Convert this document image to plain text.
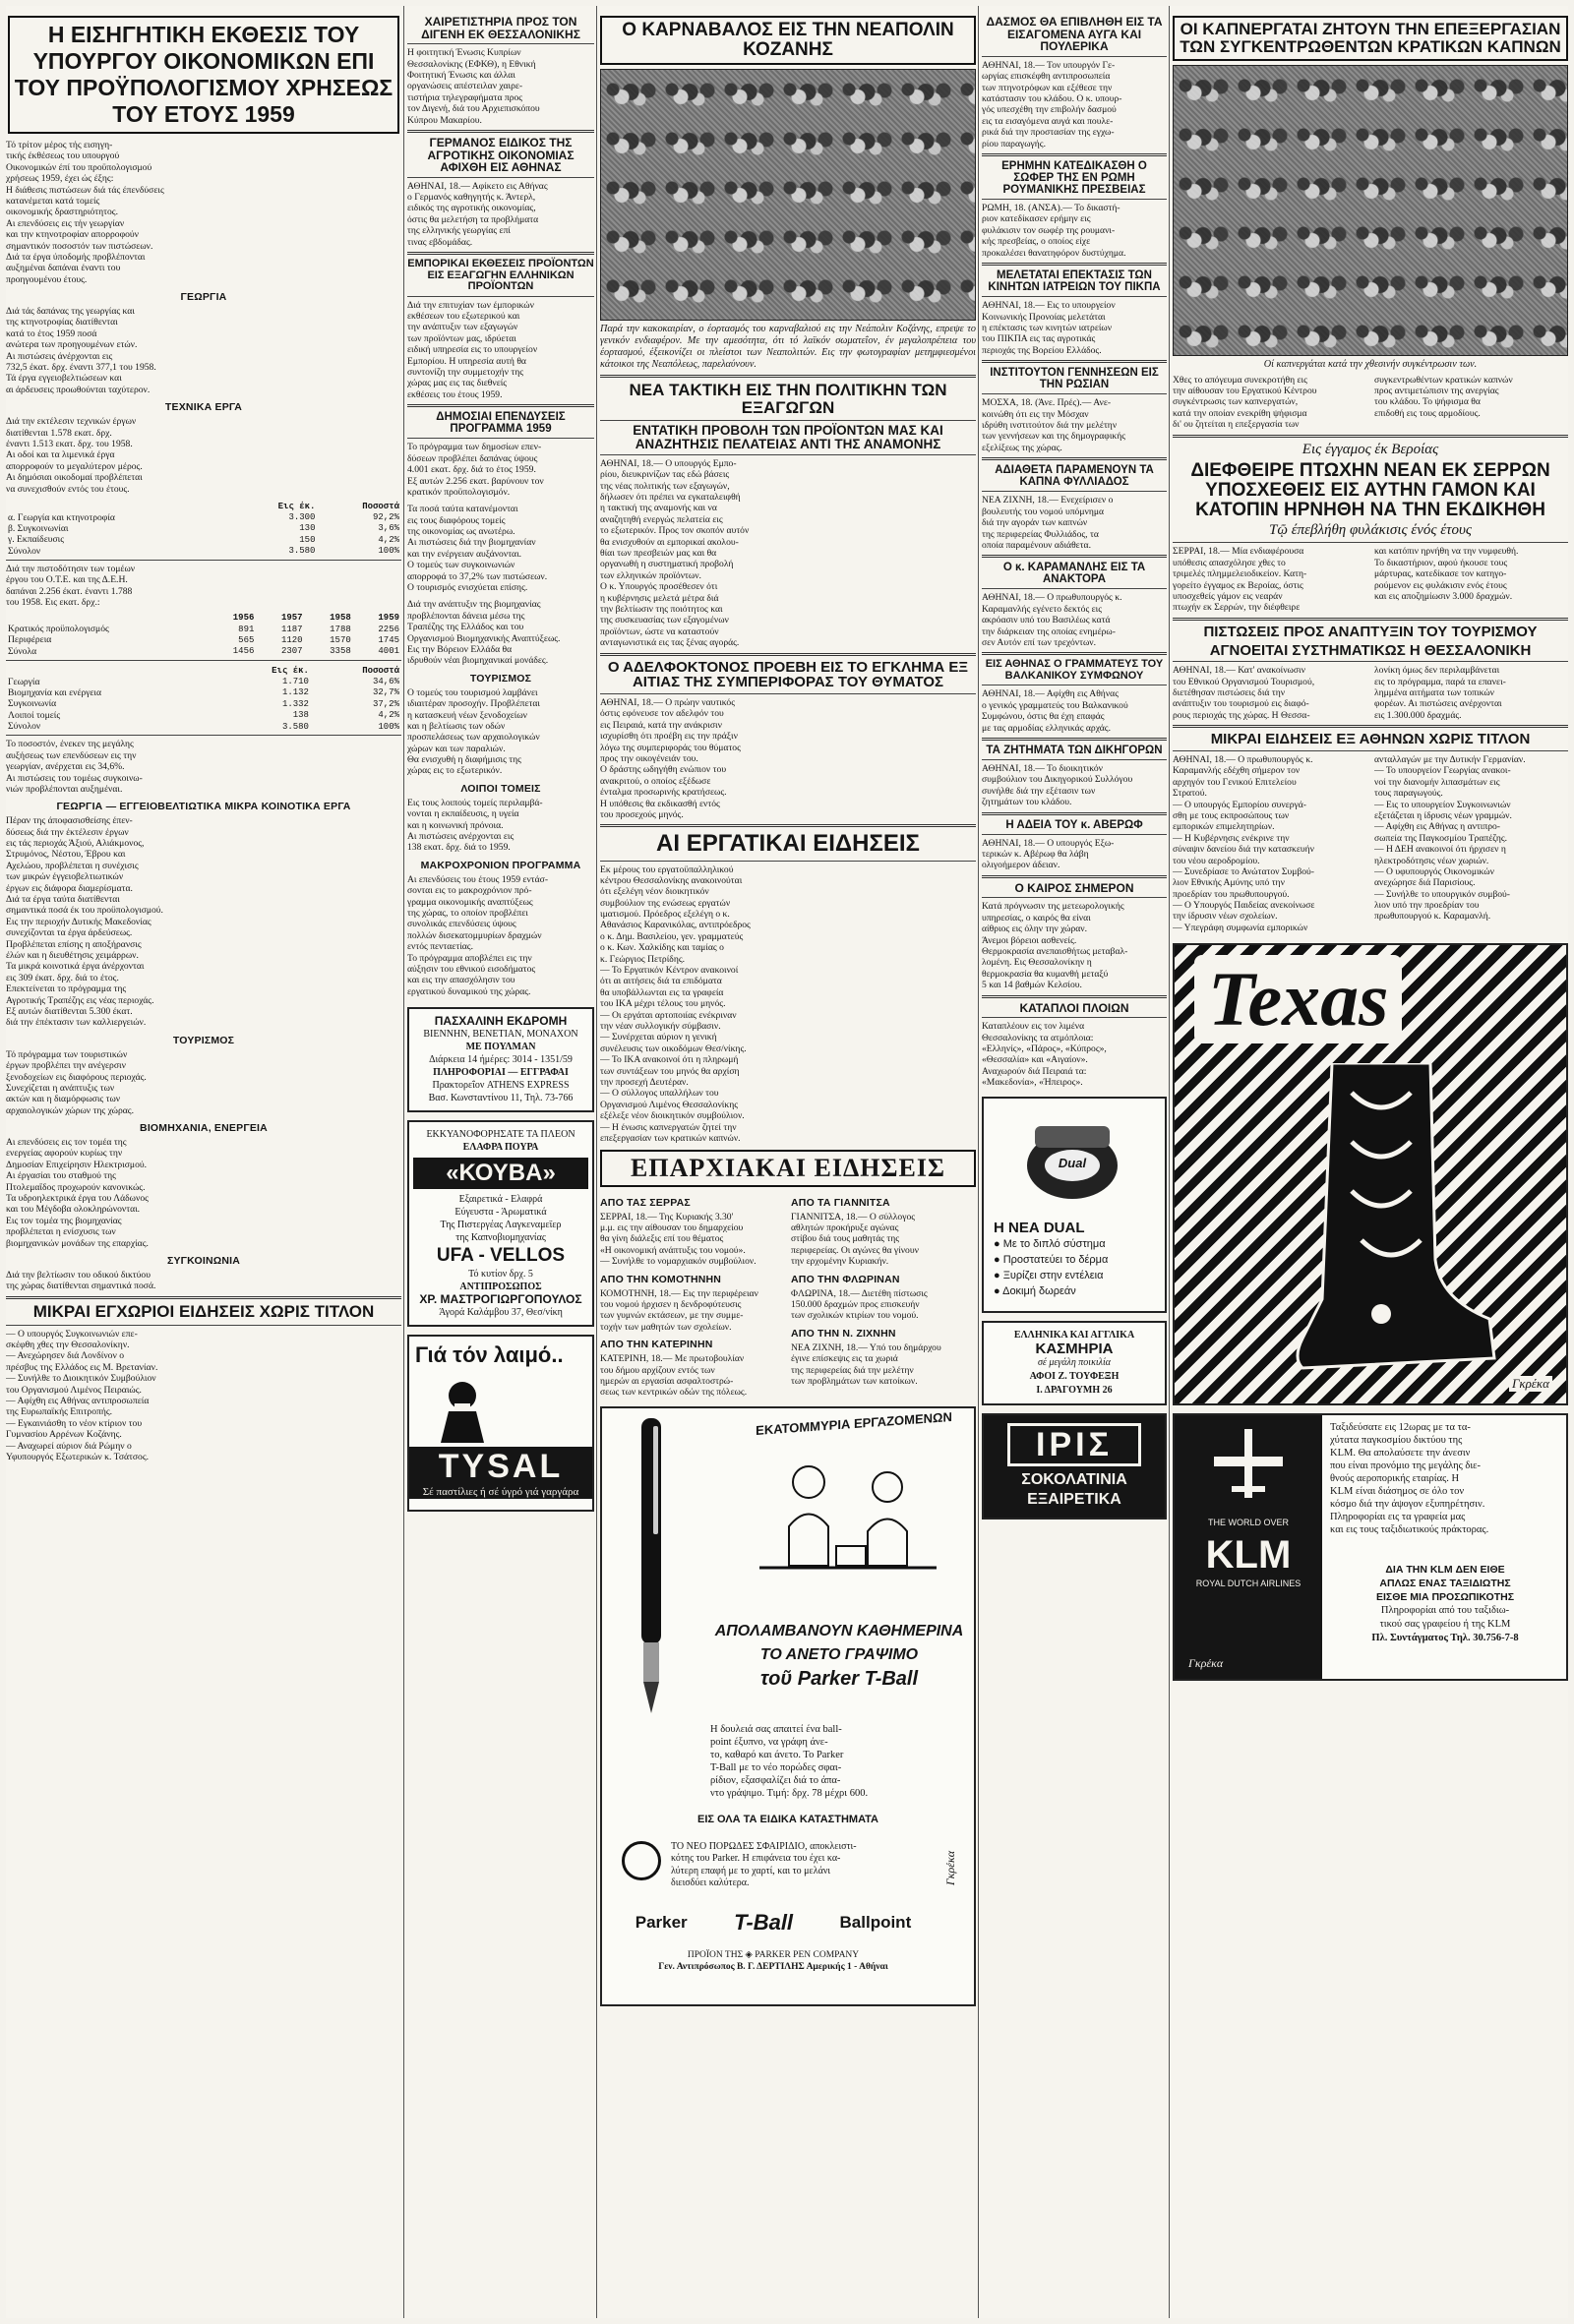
Η ΕΙΣΗΓΗΤΙΚΗ ΕΚΘΕΣΙΣ ΤΟΥ ΥΠΟΥΡΓΟΥ ΟΙΚΟΝΟΜΙΚΩΝ ΕΠΙ ΤΟΥ ΠΡΟΫΠΟΛΟΓΙΣΜΟΥ ΧΡΗΣΕΩΣ ΤΟΥ ΕΤΟΥΣ 1959
Τό τρίτον μέρος τής εισηγη-
τικής έκθέσεως του υπουργού
Οικονομικών έπί του προϋπολογισμού
χρήσεως 1959, έχει ώς έξης:
Η διάθεσις πιστώσεων διά τάς έπενδύσεις
κατανέμεται κατά τομείς
οικονομικής δραστηριότητος.
Αι επενδύσεις εις τήν γεωργίαν
και την κτηνοτροφίαν απορροφούν
σημαντικόν ποσοστόν των πιστώσεων.
Διά τα έργα ύποδομής προβλέπονται
αυξημέναι δαπάναι έναντι του
προηγουμένου έτους.
ΓΕΩΡΓΙΑ
Διά τάς δαπάνας της γεωργίας και
της κτηνοτροφίας διατίθενται
κατά το έτος 1959 ποσά
ανώτερα των προηγουμένων ετών.
Αι πιστώσεις άνέρχονται εις
732,5 έκατ. δρχ. έναντι 377,1 του 1958.
Τά έργα εγγειοβελτιώσεων και
αι άρδευσεις προωθούνται ταχύτερον.
ΤΕΧΝΙΚΑ ΕΡΓΑ
Διά την εκτέλεσιν τεχνικών έργων
διατίθενται 1.578 εκατ. δρχ.
έναντι 1.513 εκατ. δρχ. του 1958.
Αι οδοί και τα λιμενικά έργα
απορροφούν το μεγαλύτερον μέρος.
Αι δημόσιαι οικοδομαί προβλέπεται
να συνεχισθούν εντός του έτους.
	Εις έκ.	Ποσοστά
α. Γεωργία και κτηνοτροφία	3.300	92,2%
β. Συγκοινωνίαι	130	3,6%
γ. Εκπαίδευσις	150	4,2%
Σύνολον	3.580	100%
Διά την πιστοδότησιν των τομέων
έργου του Ο.Τ.Ε. και της Δ.Ε.Η.
δαπάναι 2.256 έκατ. έναντι 1.788
του 1958. Εις εκατ. δρχ.:
	1956	1957	1958	1959
Κρατικός προϋπολογισμός	891	1187	1788	2256
Περιφέρεια	565	1120	1570	1745
Σύνολα	1456	2307	3358	4001
	Εις έκ.	Ποσοστά
Γεωργία	1.710	34,6%
Βιομηχανία και ενέργεια	1.132	32,7%
Συγκοινωνία	1.332	37,2%
Λοιποί τομείς	138	4,2%
Σύνολον	3.580	100%
Το ποσοστόν, ένεκεν της μεγάλης
αυξήσεως των επενδύσεων εις την
γεωργίαν, ανέρχεται εις 34,6%.
Αι πιστώσεις του τομέως συγκοινω-
νιών προβλέπονται αυξημέναι.
ΓΕΩΡΓΙΑ — ΕΓΓΕΙΟΒΕΛΤΙΩΤΙΚΑ ΜΙΚΡΑ ΚΟΙΝΟΤΙΚΑ ΕΡΓΑ
Πέραν της άποφασισθείσης έπεν-
δύσεως διά την έκτέλεσιν έργων
εις τάς περιοχάς Άξιού, Αλιάκμονος,
Στρυμόνος, Νέστου, Έβρου και
Αχελώου, προβλέπεται η συνέχισις
των μικρών έγγειοβελτιωτικών
έργων εις διάφορα διαμερίσματα.
Διά τα έργα ταύτα διατίθενται
σημαντικά ποσά έκ του προϋπολογισμού.
Εις την περιοχήν Δυτικής Μακεδονίας
συνεχίζονται τα έργα άρδεύσεως.
Προβλέπεται επίσης η αποξήρανσις
έλών και η διευθέτησις χειμάρρων.
Τα μικρά κοινοτικά έργα άνέρχονται
εις 309 έκατ. δρχ. διά το έτος.
Επεκτείνεται το πρόγραμμα της
Αγροτικής Τραπέζης εις νέας περιοχάς.
Εξ αυτών διατίθενται 5.300 έκατ.
διά την έπέκτασιν των καλλιεργειών.
ΤΟΥΡΙΣΜΟΣ
Τό πρόγραμμα των τουριστικών
έργων προβλέπει την ανέγερσιν
ξενοδοχείων εις διαφόρους περιοχάς.
Συνεχίζεται η ανάπτυξις των
ακτών και η διαμόρφωσις των
αρχαιολογικών χώρων της χώρας.
ΒΙΟΜΗΧΑΝΙΑ, ΕΝΕΡΓΕΙΑ
Αι επενδύσεις εις τον τομέα της
ενεργείας αφορούν κυρίως την
Δημοσίαν Επιχείρησιν Ηλεκτρισμού.
Αι έργασίαι του σταθμού της
Πτολεμαΐδος προχωρούν κανονικώς.
Τα υδροηλεκτρικά έργα του Λάδωνος
και του Μέγδοβα ολοκληρώνονται.
Εις τον τομέα της βιομηχανίας
προβλέπεται η ενίσχυσις των
βιομηχανικών μονάδων της επαρχίας.
ΣΥΓΚΟΙΝΩΝΙΑ
Διά την βελτίωσιν του οδικού δικτύου
της χώρας διατίθενται σημαντικά ποσά.
ΜΙΚΡΑΙ ΕΓΧΩΡΙΟΙ ΕΙΔΗΣΕΙΣ ΧΩΡΙΣ ΤΙΤΛΟΝ
— Ο υπουργός Συγκοινωνιών επε-
σκέφθη χθες την Θεσσαλονίκην.
— Ανεχώρησεν διά Λονδίνον ο
πρέσβυς της Ελλάδος εις Μ. Βρετανίαν.
— Συνήλθε το Διοικητικόν Συμβούλιον
του Οργανισμού Λιμένος Πειραιώς.
— Αφίχθη εις Αθήνας αντιπροσωπεία
της Ευρωπαϊκής Επιτροπής.
— Εγκαινιάσθη το νέον κτίριον του
Γυμνασίου Αρρένων Κοζάνης.
— Αναχωρεί αύριον διά Ρώμην ο
Υφυπουργός Εξωτερικών κ. Τσάτσος.
ΧΑΙΡΕΤΙΣΤΗΡΙΑ ΠΡΟΣ ΤΟΝ ΔΙΓΕΝΗ ΕΚ ΘΕΣΣΑΛΟΝΙΚΗΣ
Η φοιτητική Ένωσις Κυπρίων
Θεσσαλονίκης (ΕΦΚΘ), η Εθνική
Φοιτητική Ένωσις και άλλαι
οργανώσεις απέστειλαν χαιρε-
τιστήρια τηλεγραφήματα προς
τον Διγενή, διά του Αρχιεπισκόπου
Κύπρου Μακαρίου.
ΓΕΡΜΑΝΟΣ ΕΙΔΙΚΟΣ ΤΗΣ ΑΓΡΟΤΙΚΗΣ ΟΙΚΟΝΟΜΙΑΣ ΑΦΙΧΘΗ ΕΙΣ ΑΘΗΝΑΣ
ΑΘΗΝΑΙ, 18.— Αφίκετο εις Αθήνας
ο Γερμανός καθηγητής κ. Άντερλ,
ειδικός της αγροτικής οικονομίας,
όστις θα μελετήση τα προβλήματα
της ελληνικής γεωργίας επί
τινας εβδομάδας.
ΕΜΠΟΡΙΚΑΙ ΕΚΘΕΣΕΙΣ ΠΡΟΪΟΝΤΩΝ ΕΙΣ ΕΞΑΓΩΓΗΝ ΕΛΛΗΝΙΚΩΝ ΠΡΟΪΟΝΤΩΝ
Διά την επιτυχίαν των έμπορικών
εκθέσεων του εξωτερικού και
την ανάπτυξιν των εξαγωγών
των προϊόντων μας, ιδρύεται
ειδική υπηρεσία εις το υπουργείον
Εμπορίου. Η υπηρεσία αυτή θα
συντονίζη την συμμετοχήν της
χώρας μας εις τας διεθνείς
εκθέσεις του έτους 1959.
ΔΗΜΟΣΙΑΙ ΕΠΕΝΔΥΣΕΙΣ ΠΡΟΓΡΑΜΜΑ 1959
Το πρόγραμμα των δημοσίων επεν-
δύσεων προβλέπει δαπάνας ύψους
4.001 εκατ. δρχ. διά το έτος 1959.
Εξ αυτών 2.256 εκατ. βαρύνουν τον
κρατικόν προϋπολογισμόν.
Τα ποσά ταύτα κατανέμονται
εις τους διαφόρους τομείς
της οικονομίας ως ανωτέρω.
Αι πιστώσεις διά την βιομηχανίαν
και την ενέργειαν αυξάνονται.
Ο τομεύς των συγκοινωνιών
απορροφά το 37,2% των πιστώσεων.
Ο τουρισμός ενισχύεται επίσης.
Διά την ανάπτυξιν της βιομηχανίας
προβλέπονται δάνεια μέσω της
Τραπέζης της Ελλάδος και του
Οργανισμού Βιομηχανικής Αναπτύξεως.
Εις την Βόρειον Ελλάδα θα
ιδρυθούν νέαι βιομηχανικαί μονάδες.
ΤΟΥΡΙΣΜΟΣ
Ο τομεύς του τουρισμού λαμβάνει
ιδιαιτέραν προσοχήν. Προβλέπεται
η κατασκευή νέων ξενοδοχείων
και η βελτίωσις των οδών
προσπελάσεως των αρχαιολογικών
χώρων και των παραλιών.
Θα ενισχυθή η διαφήμισις της
χώρας εις το εξωτερικόν.
ΛΟΙΠΟΙ ΤΟΜΕΙΣ
Εις τους λοιπούς τομείς περιλαμβά-
νονται η εκπαίδευσις, η υγεία
και η κοινωνική πρόνοια.
Αι πιστώσεις ανέρχονται εις
138 εκατ. δρχ. διά το 1959.
ΜΑΚΡΟΧΡΟΝΙΟΝ ΠΡΟΓΡΑΜΜΑ
Αι επενδύσεις του έτους 1959 εντάσ-
σονται εις το μακροχρόνιον πρό-
γραμμα οικονομικής αναπτύξεως
της χώρας, το οποίον προβλέπει
συνολικάς επενδύσεις ύψους
πολλών δισεκατομμυρίων δραχμών
εντός πενταετίας.
Το πρόγραμμα αποβλέπει εις την
αύξησιν του εθνικού εισοδήματος
και εις την απασχόλησιν του
εργατικού δυναμικού της χώρας.
ΠΑΣΧΑΛΙΝΗ ΕΚΔΡΟΜΗ
ΒΙΕΝΝΗΝ, ΒΕΝΕΤΙΑΝ, ΜΟΝΑΧΟΝ
ΜΕ ΠΟΥΛΜΑΝ
Διάρκεια 14 ήμέρες: 3014 - 1351/59
ΠΛΗΡΟΦΟΡΙΑΙ — ΕΓΓΡΑΦΑΙ
Πρακτορεΐον ATHENS EXPRESS
Βασ. Κωνσταντίνου 11, Τηλ. 73-766
ΕΚΚΥΑΝΟΦΟΡΗΣΑΤΕ ΤΑ ΠΛΕΟΝ
ΕΛΑΦΡΑ ΠΟΥΡΑ
«ΚΟΥΒΑ»
Εξαιρετικά - Ελαφρά
Εύγευστα - Άρωματικά
Της Πιστεργέας Λαγκεναμεϊερ
της Καπνοβιομηχανίας
UFA - VELLOS
Τό κυτίον δρχ. 5
ΑΝΤΙΠΡΟΣΩΠΟΣ
ΧΡ. ΜΑΣΤΡΟΓΙΩΡΓΟΠΟΥΛΟΣ
Άγορά Καλάμβου 37, Θεσ/νίκη
Γιά τόν λαιμό..
TYSAL
Σέ παστίλιες ή σέ ύγρό γιά γαργάρα
Ο ΚΑΡΝΑΒΑΛΟΣ ΕΙΣ ΤΗΝ ΝΕΑΠΟΛΙΝ ΚΟΖΑΝΗΣ
Παρά την κακοκαιρίαν, ο έορτασμός του καρναβαλιού εις την Νεάπολιν Κοζάνης, επρεψε το γενικόν ενδιαφέρον. Με την αμεσότητα, ότι τό λαϊκόν σωματεΐον, έν μεγαλοπρέπεια του έορτασμού, έξεικονίζει οι πλείστοι των Νεαπολιτών. Εις την φωτογραφίαν μετημφιεσμένοι κάτοικοι της Νεαπόλεως, παρελαύνουν.
ΝΕΑ ΤΑΚΤΙΚΗ ΕΙΣ ΤΗΝ ΠΟΛΙΤΙΚΗΝ ΤΩΝ ΕΞΑΓΩΓΩΝ
ΕΝΤΑΤΙΚΗ ΠΡΟΒΟΛΗ ΤΩΝ ΠΡΟΪΟΝΤΩΝ ΜΑΣ ΚΑΙ ΑΝΑΖΗΤΗΣΙΣ ΠΕΛΑΤΕΙΑΣ ΑΝΤΙ ΤΗΣ ΑΝΑΜΟΝΗΣ
ΑΘΗΝΑΙ, 18.— Ο υπουργός Εμπο-
ρίου, διευκρινίζων τας εδώ βάσεις
της νέας πολιτικής των εξαγωγών,
δήλωσεν ότι πρέπει να εγκαταλειφθή
η τακτική της αναμονής και να
αναζητηθή ενεργώς πελατεία εις
το εξωτερικόν. Προς τον σκοπόν αυτόν
θα ενισχυθούν αι εμπορικαί ακολου-
θίαι των πρεσβειών μας και θα
οργανωθή η συστηματική προβολή
των ελληνικών προϊόντων.
Ο κ. Υπουργός προσέθεσεν ότι
η κυβέρνησις μελετά μέτρα διά
την βελτίωσιν της ποιότητος και
της συσκευασίας των εξαγομένων
προϊόντων, ώστε να καταστούν
ανταγωνιστικά εις τας ξένας αγοράς.
Ο ΑΔΕΛΦΟΚΤΟΝΟΣ ΠΡΟΕΒΗ ΕΙΣ ΤΟ ΕΓΚΛΗΜΑ ΕΞ ΑΙΤΙΑΣ ΤΗΣ ΣΥΜΠΕΡΙΦΟΡΑΣ ΤΟΥ ΘΥΜΑΤΟΣ
ΑΘΗΝΑΙ, 18.— Ο πρώην ναυτικός
όστις εφόνευσε τον αδελφόν του
εις Πειραιά, κατά την ανάκρισιν
ισχυρίσθη ότι προέβη εις την πράξιν
λόγω της συμπεριφοράς του θύματος
προς την οικογένειάν του.
Ο δράστης ωδηγήθη ενώπιον του
ανακριτού, ο οποίος εξέδωσε
ένταλμα προσωρινής κρατήσεως.
Η υπόθεσις θα εκδικασθή εντός
του προσεχούς μηνός.
ΑΙ ΕΡΓΑΤΙΚΑΙ ΕΙΔΗΣΕΙΣ
Εκ μέρους του εργατοϋπαλληλικού
κέντρου Θεσσαλονίκης ανακοινούται
ότι εξελέγη νέον διοικητικόν
συμβούλιον της ενώσεως εργατών
ιματισμού. Πρόεδρος εξελέγη ο κ.
Αθανάσιος Καρανικόλας, αντιπρόεδρος
ο κ. Δημ. Βασιλείου, γεν. γραμματεύς
ο κ. Κων. Χαλκίδης και ταμίας ο
κ. Γεώργιος Πετρίδης.
— Το Εργατικόν Κέντρον ανακοινοί
ότι αι αιτήσεις διά τα επιδόματα
θα υποβάλλωνται εις τα γραφεία
του ΙΚΑ μέχρι τέλους του μηνός.
— Οι εργάται αρτοποιίας ενέκριναν
την νέαν συλλογικήν σύμβασιν.
— Συνέρχεται αύριον η γενική
συνέλευσις των οικοδόμων Θεσ/νίκης.
— Το ΙΚΑ ανακοινοί ότι η πληρωμή
των συντάξεων του μηνός θα αρχίση
την προσεχή Δευτέραν.
— Ο σύλλογος υπαλλήλων του
Οργανισμού Λιμένος Θεσσαλονίκης
εξέλεξε νέον διοικητικόν συμβούλιον.
— Η ένωσις καπνεργατών ζητεί την
επεξεργασίαν των κρατικών καπνών.
ΕΠΑΡΧΙΑΚΑΙ ΕΙΔΗΣΕΙΣ
ΑΠΟ ΤΑΣ ΣΕΡΡΑΣ
ΣΕΡΡΑΙ, 18.— Της Κυριακής 3.30'
μ.μ. εις την αίθουσαν του δημαρχείου
θα γίνη διάλεξις επί του θέματος
«Η οικονομική ανάπτυξις του νομού».
— Συνήλθε το νομαρχιακόν συμβούλιον.
ΑΠΟ ΤΗΝ ΚΟΜΟΤΗΝΗΝ
ΚΟΜΟΤΗΝΗ, 18.— Εις την περιφέρειαν
του νομού ήρχισεν η δενδροφύτευσις
των γυμνών εκτάσεων, με την συμμε-
τοχήν των μαθητών των σχολείων.
ΑΠΟ ΤΗΝ ΚΑΤΕΡΙΝΗΝ
ΚΑΤΕΡΙΝΗ, 18.— Με πρωτοβουλίαν
του δήμου αρχίζουν εντός των
ημερών αι εργασίαι ασφαλτοστρώ-
σεως των κεντρικών οδών της πόλεως.
ΑΠΟ ΤΑ ΓΙΑΝΝΙΤΣΑ
ΓΙΑΝΝΙΤΣΑ, 18.— Ο σύλλογος
αθλητών προκήρυξε αγώνας
στίβου διά τους μαθητάς της
περιφερείας. Οι αγώνες θα γίνουν
την ερχομένην Κυριακήν.
ΑΠΟ ΤΗΝ ΦΛΩΡΙΝΑΝ
ΦΛΩΡΙΝΑ, 18.— Διετέθη πίστωσις
150.000 δραχμών προς επισκευήν
των σχολικών κτιρίων του νομού.
ΑΠΟ ΤΗΝ Ν. ΖΙΧΝΗΝ
ΝΕΑ ΖΙΧΝΗ, 18.— Υπό του δημάρχου
έγινε επίσκεψις εις τα χωριά
της περιφερείας διά την μελέτην
των προβλημάτων των κατοίκων.
ΕΚΑΤΟΜΜΥΡΙΑ ΕΡΓΑΖΟΜΕΝΩΝ
ΑΠΟΛΑΜΒΑΝΟΥΝ ΚΑΘΗΜΕΡΙΝΑ
ΤΟ ΑΝΕΤΟ ΓΡΑΨΙΜΟ
τοῦ Parker T-Ball
Η δουλειά σας απαιτεί ένα ball-
point έξυπνο, να γράφη άνε-
το, καθαρό και άνετο. Το Parker
T-Ball με το νέο πορώδες σφαι-
ρίδιον, εξασφαλίζει διά το άπα-
ντο γράψιμο. Τιμή: δρχ. 78 μέχρι 600.
ΕΙΣ ΟΛΑ ΤΑ ΕΙΔΙΚΑ ΚΑΤΑΣΤΗΜΑΤΑ
ΤΟ ΝΕΟ ΠΟΡΩΔΕΣ ΣΦΑΙΡΙΔΙΟ, αποκλειστι-
κότης του Parker. Η επιφάνεια του έχει κα-
λύτερη επαφή με το χαρτί, και το μελάνι
διεισδύει καλύτερα.
Parker T-Ball	Ballpoint
ΠΡΟΪΟΝ ΤΗΣ ◈ PARKER PEN COMPANY
Γεν. Αντιπρόσωπος Β. Γ. ΔΕΡΤΙΛΗΣ Αμερικής 1 - Αθήναι
Γκρέκα
ΔΑΣΜΟΣ ΘΑ ΕΠΙΒΛΗΘΗ ΕΙΣ ΤΑ ΕΙΣΑΓΟΜΕΝΑ ΑΥΓΑ ΚΑΙ ΠΟΥΛΕΡΙΚΑ
ΑΘΗΝΑΙ, 18.— Τον υπουργόν Γε-
ωργίας επισκέφθη αντιπροσωπεία
των πτηνοτρόφων και εξέθεσε την
κατάστασιν του κλάδου. Ο κ. υπουρ-
γός υπεσχέθη την επιβολήν δασμού
εις τα εισαγόμενα αυγά και πουλε-
ρικά διά την προστασίαν της εγχω-
ρίου παραγωγής.
ΕΡΗΜΗΝ ΚΑΤΕΔΙΚΑΣΘΗ Ο ΣΩΦΕΡ ΤΗΣ ΕΝ ΡΩΜΗ ΡΟΥΜΑΝΙΚΗΣ ΠΡΕΣΒΕΙΑΣ
ΡΩΜΗ, 18. (ΑΝΣΑ).— Το δικαστή-
ριον κατεδίκασεν ερήμην εις
φυλάκισιν τον σωφέρ της ρουμανι-
κής πρεσβείας, ο οποίος είχε
προκαλέσει θανατηφόρον δυστύχημα.
ΜΕΛΕΤΑΤΑΙ ΕΠΕΚΤΑΣΙΣ ΤΩΝ ΚΙΝΗΤΩΝ ΙΑΤΡΕΙΩΝ ΤΟΥ ΠΙΚΠΑ
ΑΘΗΝΑΙ, 18.— Εις το υπουργείον
Κοινωνικής Προνοίας μελετάται
η επέκτασις των κινητών ιατρείων
του ΠΙΚΠΑ εις τας αγροτικάς
περιοχάς της Βορείου Ελλάδος.
ΙΝΣΤΙΤΟΥΤΟΝ ΓΕΝΝΗΣΕΩΝ ΕΙΣ ΤΗΝ ΡΩΣΙΑΝ
ΜΟΣΧΑ, 18. (Άνε. Πρές).— Ανε-
κοινώθη ότι εις την Μόσχαν
ιδρύθη ινστιτούτον διά την μελέτην
των γεννήσεων και της δημογραφικής
εξελίξεως της χώρας.
ΑΔΙΑΘΕΤΑ ΠΑΡΑΜΕΝΟΥΝ ΤΑ ΚΑΠΝΑ ΦΥΛΛΙΑΔΟΣ
ΝΕΑ ΖΙΧΝΗ, 18.— Ενεχείρισεν ο
βουλευτής του νομού υπόμνημα
διά την αγοράν των καπνών
της περιφερείας Φυλλιάδος, τα
οποία παραμένουν αδιάθετα.
Ο κ. ΚΑΡΑΜΑΝΛΗΣ ΕΙΣ ΤΑ ΑΝΑΚΤΟΡΑ
ΑΘΗΝΑΙ, 18.— Ο πρωθυπουργός κ.
Καραμανλής εγένετο δεκτός εις
ακρόασιν υπό του Βασιλέως κατά
την διάρκειαν της οποίας ενημέρω-
σεν Αυτόν επί των τρεχόντων.
ΕΙΣ ΑΘΗΝΑΣ Ο ΓΡΑΜΜΑΤΕΥΣ ΤΟΥ ΒΑΛΚΑΝΙΚΟΥ ΣΥΜΦΩΝΟΥ
ΑΘΗΝΑΙ, 18.— Αφίχθη εις Αθήνας
ο γενικός γραμματεύς του Βαλκανικού
Συμφώνου, όστις θα έχη επαφάς
με τας αρμοδίας ελληνικάς αρχάς.
ΤΑ ΖΗΤΗΜΑΤΑ ΤΩΝ ΔΙΚΗΓΟΡΩΝ
ΑΘΗΝΑΙ, 18.— Το διοικητικόν
συμβούλιον του Δικηγορικού Συλλόγου
συνήλθε διά την εξέτασιν των
ζητημάτων του κλάδου.
Η ΑΔΕΙΑ ΤΟΥ κ. ΑΒΕΡΩΦ
ΑΘΗΝΑΙ, 18.— Ο υπουργός Εξω-
τερικών κ. Αβέρωφ θα λάβη
ολιγοήμερον άδειαν.
Ο ΚΑΙΡΟΣ ΣΗΜΕΡΟΝ
Κατά πρόγνωσιν της μετεωρολογικής
υπηρεσίας, ο καιρός θα είναι
αίθριος εις όλην την χώραν.
Άνεμοι βόρειοι ασθενείς.
Θερμοκρασία ανεπαισθήτως μεταβαλ-
λομένη. Εις Θεσσαλονίκην η
θερμοκρασία θα κυμανθή μεταξύ
5 και 14 βαθμών Κελσίου.
ΚΑΤΑΠΛΟΙ ΠΛΟΙΩΝ
Καταπλέουν εις τον λιμένα
Θεσσαλονίκης τα ατμόπλοια:
«Ελληνίς», «Πάρος», «Κύπρος»,
«Θεσσαλία» και «Αιγαίον».
Αναχωρούν διά Πειραιά τα:
«Μακεδονία», «Ήπειρος».
Dual
Η ΝΕΑ DUAL
● Με το διπλό σύστημα
● Προστατεύει το δέρμα
● Ξυρίζει στην εντέλεια
● Δοκιμή δωρεάν
ΕΛΛΗΝΙΚΑ ΚΑΙ ΑΓΓΛΙΚΑ
ΚΑΣΜΗΡΙΑ
σέ μεγάλη ποικιλία
ΑΦΟΙ Ζ. ΤΟΥΦΕΞΗ
Ι. ΔΡΑΓΟΥΜΗ 26
ΙΡΙΣ
ΣΟΚΟΛΑΤΙΝΙΑ
ΕΞΑΙΡΕΤΙΚΑ
ΟΙ ΚΑΠΝΕΡΓΑΤΑΙ ΖΗΤΟΥΝ ΤΗΝ ΕΠΕΞΕΡΓΑΣΙΑΝ ΤΩΝ ΣΥΓΚΕΝΤΡΩΘΕΝΤΩΝ ΚΡΑΤΙΚΩΝ ΚΑΠΝΩΝ
Οί καπνεργάται κατά την χθεσινήν συγκέντρωσιν των.
Χθες το απόγευμα συνεκροτήθη εις
την αίθουσαν του Εργατικού Κέντρου
συγκέντρωσις των καπνεργατών,
κατά την οποίαν ενεκρίθη ψήφισμα
δι' ου ζητείται η επεξεργασία των
συγκεντρωθέντων κρατικών καπνών
προς αντιμετώπισιν της ανεργίας
του κλάδου. Το ψήφισμα θα
επιδοθή εις τους αρμοδίους.
Εις έγγαμος έκ Βεροίας
ΔΙΕΦΘΕΙΡΕ ΠΤΩΧΗΝ ΝΕΑΝ ΕΚ ΣΕΡΡΩΝ ΥΠΟΣΧΕΘΕΙΣ ΕΙΣ ΑΥΤΗΝ ΓΑΜΟΝ ΚΑΙ ΚΑΤΟΠΙΝ ΗΡΝΗΘΗ ΝΑ ΤΗΝ ΕΚΔΙΚΗΘΗ
Τῷ έπεβλήθη φυλάκισις ένός έτους
ΣΕΡΡΑΙ, 18.— Μία ενδιαφέρουσα
υπόθεσις απασχόλησε χθες το
τριμελές πλημμελειοδικείον. Κατη-
γορείτο έγγαμος εκ Βεροίας, όστις
υποσχεθείς γάμον εις νεαράν
πτωχήν εκ Σερρών, την διέφθειρε
και κατόπιν ηρνήθη να την νυμφευθή.
Το δικαστήριον, αφού ήκουσε τους
μάρτυρας, κατεδίκασε τον κατηγο-
ρούμενον εις φυλάκισιν ενός έτους
και εις αποζημίωσιν 3.000 δραχμών.
ΠΙΣΤΩΣΕΙΣ ΠΡΟΣ ΑΝΑΠΤΥΞΙΝ ΤΟΥ ΤΟΥΡΙΣΜΟΥ
ΑΓΝΟΕΙΤΑΙ ΣΥΣΤΗΜΑΤΙΚΩΣ Η ΘΕΣΣΑΛΟΝΙΚΗ
ΑΘΗΝΑΙ, 18.— Κατ' ανακοίνωσιν
του Εθνικού Οργανισμού Τουρισμού,
διετέθησαν πιστώσεις διά την
ανάπτυξιν του τουρισμού εις διαφό-
ρους περιοχάς της χώρας. Η Θεσσα-
λονίκη όμως δεν περιλαμβάνεται
εις το πρόγραμμα, παρά τα επανει-
λημμένα αιτήματα των τοπικών
φορέων. Αι πιστώσεις ανέρχονται
εις 1.300.000 δραχμάς.
ΜΙΚΡΑΙ ΕΙΔΗΣΕΙΣ ΕΞ ΑΘΗΝΩΝ ΧΩΡΙΣ ΤΙΤΛΟΝ
ΑΘΗΝΑΙ, 18.— Ο πρωθυπουργός κ.
Καραμανλής εδέχθη σήμερον τον
αρχηγόν του Γενικού Επιτελείου
Στρατού.
— Ο υπουργός Εμπορίου συνεργά-
σθη με τους εκπροσώπους των
εμπορικών επιμελητηρίων.
— Η Κυβέρνησις ενέκρινε την
σύναψιν δανείου διά την κατασκευήν
του νέου αεροδρομίου.
— Συνεδρίασε το Ανώτατον Συμβού-
λιον Εθνικής Αμύνης υπό την
προεδρίαν του πρωθυπουργού.
— Ο Υπουργός Παιδείας ανεκοίνωσε
την ίδρυσιν νέων σχολείων.
— Υπεγράφη συμφωνία εμπορικών
ανταλλαγών με την Δυτικήν Γερμανίαν.
— Το υπουργείον Γεωργίας ανακοι-
νοί την διανομήν λιπασμάτων εις
τους παραγωγούς.
— Εις το υπουργείον Συγκοινωνιών
εξετάζεται η ίδρυσις νέων γραμμών.
— Αφίχθη εις Αθήνας η αντιπρο-
σωπεία της Παγκοσμίου Τραπέζης.
— Η ΔΕΗ ανακοινοί ότι ήρχισεν η
ηλεκτροδότησις νέων χωριών.
— Ο υφυπουργός Οικονομικών
ανεχώρησε διά Παρισίους.
— Συνήλθε το υπουργικόν συμβού-
λιον υπό την προεδρίαν του
πρωθυπουργού κ. Καραμανλή.
Texas
Γκρέκα
THE WORLD OVER
KLM
ROYAL DUTCH AIRLINES
Γκρέκα
Ταξιδεύσατε εις 12ωρας με τα τα-
χύτατα παγκοσμίου δικτύου της
KLM. Θα απολαύσετε την άνεσιν
που είναι προνόμιο της μεγάλης διε-
θνούς αεροπορικής εταιρίας. Η
KLM είναι διάσημος σε όλο τον
κόσμο διά την άψογον εξυπηρέτησιν.
Πληροφορίαι εις τα γραφεία μας
και εις τους ταξιδιωτικούς πράκτορας.
ΔΙΑ ΤΗΝ KLM ΔΕΝ ΕΙΘΕ
ΑΠΛΩΣ ΕΝΑΣ ΤΑΞΙΔΙΩΤΗΣ
ΕΙΣΘΕ ΜΙΑ ΠΡΟΣΩΠΙΚΟΤΗΣ
Πληροφορίαι από του ταξιδιω-
τικού σας γραφείου ή της KLM
Πλ. Συντάγματος Τηλ. 30.756-7-8
